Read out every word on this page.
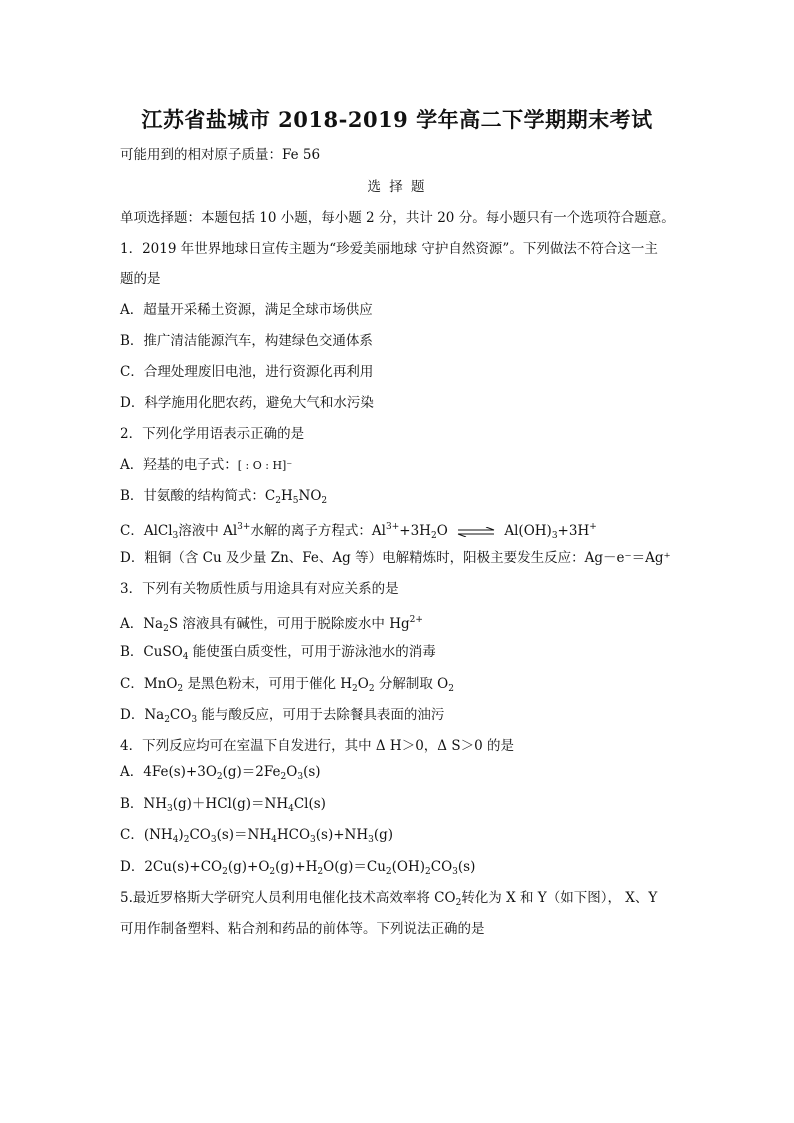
江苏省盐城市 2018-2019 学年高二下学期期末考试
可能用到的相对原子质量：Fe 56
选 择 题
单项选择题：本题包括 10 小题，每小题 2 分，共计 20 分。每小题只有一个选项符合题意。
1．2019 年世界地球日宣传主题为“珍爱美丽地球 守护自然资源”。下列做法不符合这一主
题的是
A．超量开采稀土资源，满足全球市场供应
B．推广清洁能源汽车，构建绿色交通体系
C．合理处理废旧电池，进行资源化再利用
D．科学施用化肥农药，避免大气和水污染
2．下列化学用语表示正确的是
A．羟基的电子式：[ : O : H]⁻
B．甘氨酸的结构简式：$C_2H_5NO_2$
C．AlCl$_3$溶液中 $Al^{3+}$水解的离子方程式：$Al^{3+}+3H_2O$ ⇌ $Al(OH)_3+3H^+$
D．粗铜（含 Cu 及少量 Zn、Fe、Ag 等）电解精炼时，阳极主要发生反应：Ag－e⁻＝Ag⁺
3．下列有关物质性质与用途具有对应关系的是
A．$Na_2S$ 溶液具有碱性，可用于脱除废水中 $Hg^{2+}$
B．CuSO$_4$ 能使蛋白质变性，可用于游泳池水的消毒
C．MnO$_2$ 是黑色粉末，可用于催化 $H_2O_2$ 分解制取 $O_2$
D．$Na_2CO_3$ 能与酸反应，可用于去除餐具表面的油污
4．下列反应均可在室温下自发进行，其中 Δ H＞0，Δ S＞0 的是
A．$4Fe(s)+3O_2(g)=2Fe_2O_3(s)$
B．$NH_3(g)+HCl(g)=NH_4Cl(s)$
C．$(NH_4)_2CO_3(s)=NH_4HCO_3(s)+NH_3(g)$
D．$2Cu(s)+CO_2(g)+O_2(g)+H_2O(g)=Cu_2(OH)_2CO_3(s)$
5.最近罗格斯大学研究人员利用电催化技术高效率将 $CO_2$转化为 X 和 Y（如下图）， X、Y
可用作制备塑料、粘合剂和药品的前体等。下列说法正确的是
